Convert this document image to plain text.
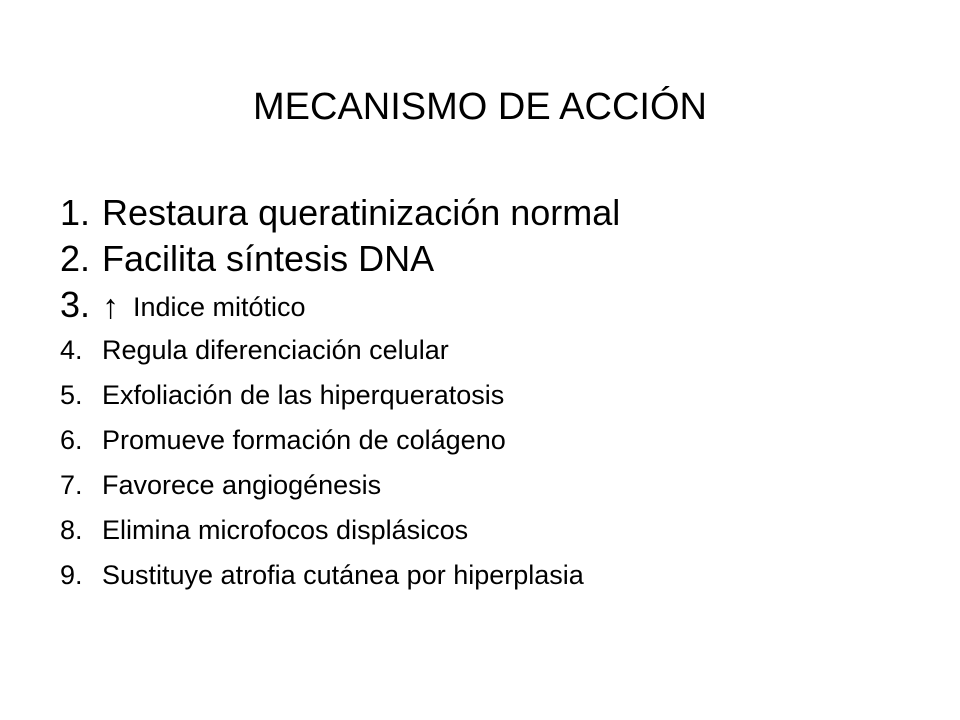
MECANISMO DE ACCIÓN
1. Restaura queratinización normal
2. Facilita síntesis DNA
3. ↑ Indice mitótico
4. Regula diferenciación celular
5. Exfoliación de las hiperqueratosis
6. Promueve formación de colágeno
7. Favorece angiogénesis
8. Elimina microfocos displásicos
9. Sustituye atrofia cutánea por hiperplasia
